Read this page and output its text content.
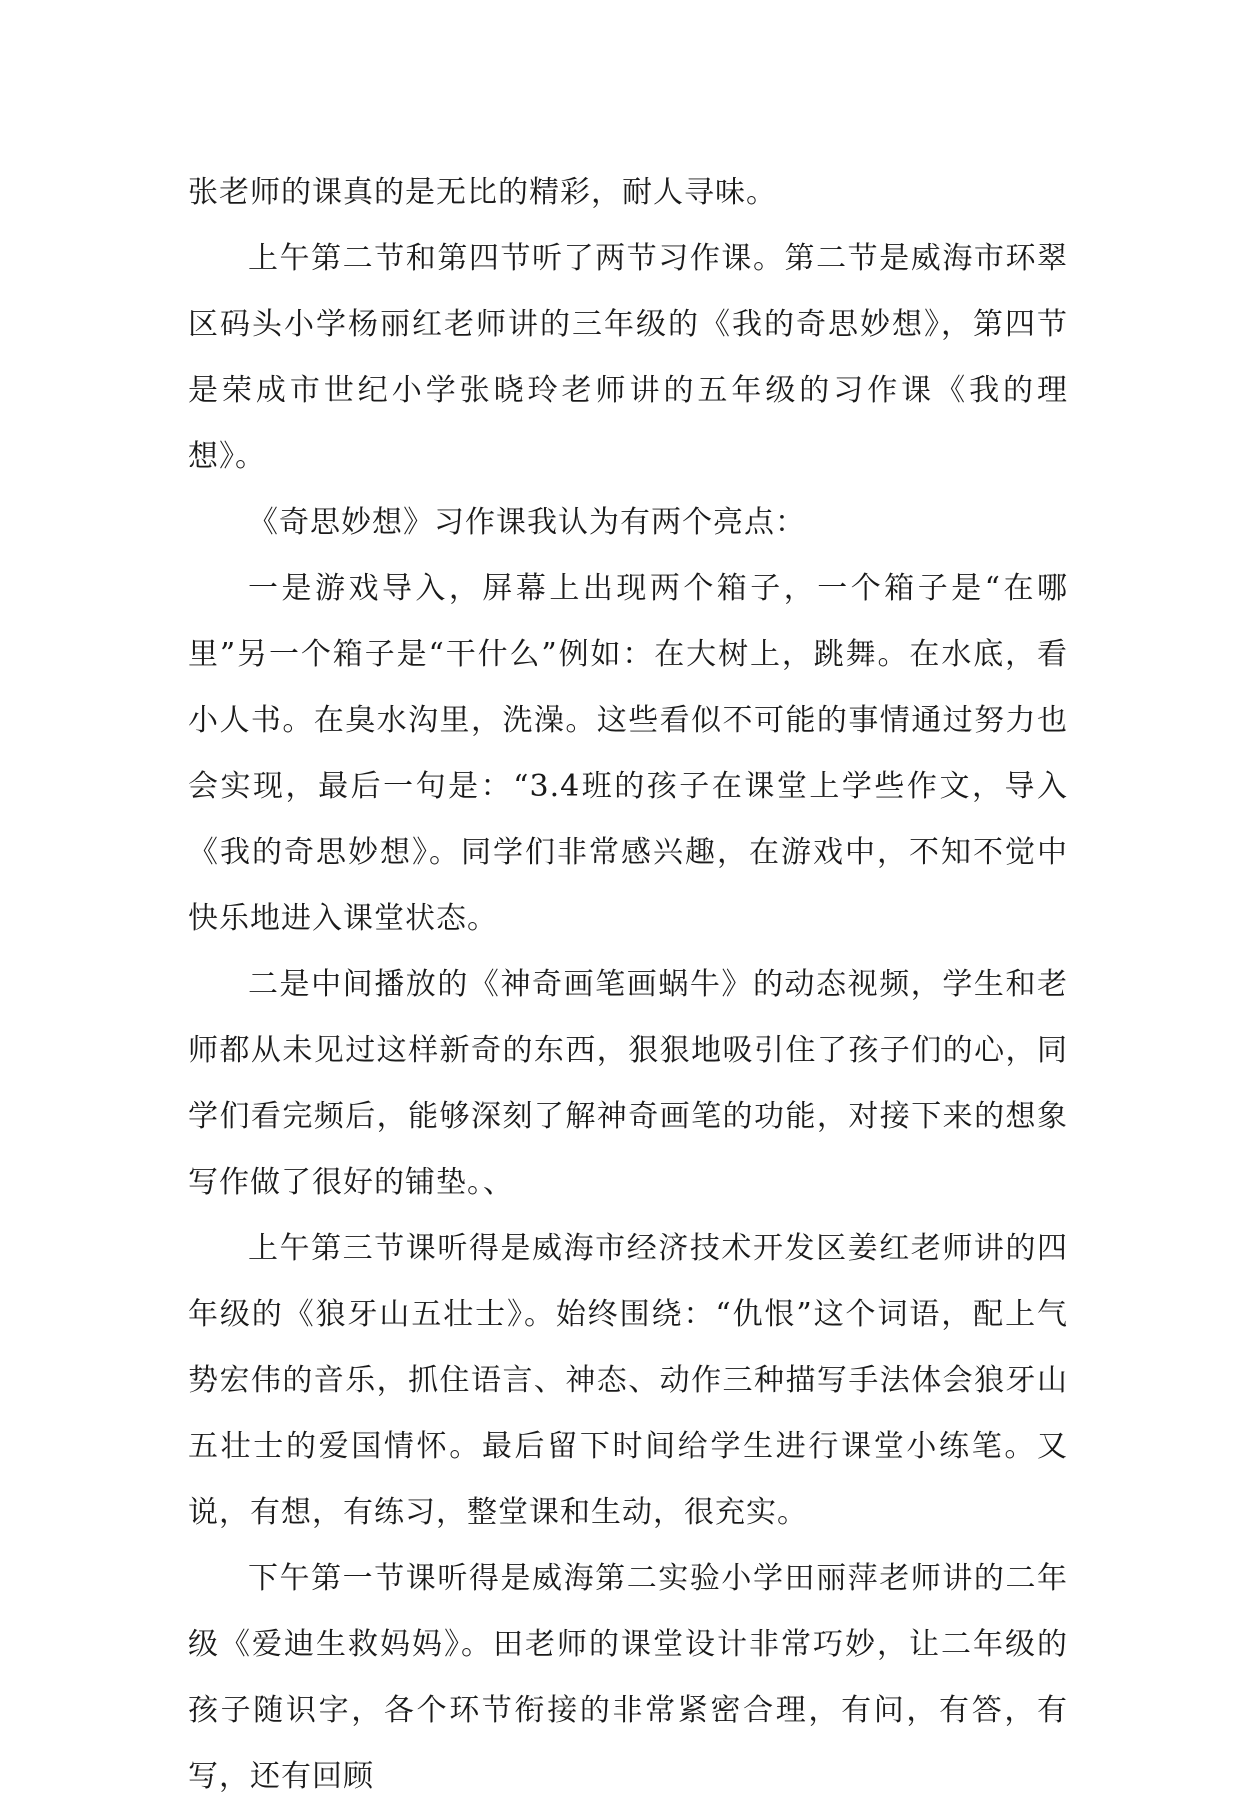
张老师的课真的是无比的精彩，耐人寻味。

上午第二节和第四节听了两节习作课。第二节是威海市环翠区码头小学杨丽红老师讲的三年级的《我的奇思妙想》，第四节是荣成市世纪小学张晓玲老师讲的五年级的习作课《我的理想》。

《奇思妙想》习作课我认为有两个亮点：

一是游戏导入，屏幕上出现两个箱子，一个箱子是“在哪里”另一个箱子是“干什么”例如：在大树上，跳舞。在水底，看小人书。在臭水沟里，洗澡。这些看似不可能的事情通过努力也会实现，最后一句是：“3.4班的孩子在课堂上学些作文，导入《我的奇思妙想》。同学们非常感兴趣，在游戏中，不知不觉中快乐地进入课堂状态。

二是中间播放的《神奇画笔画蜗牛》的动态视频，学生和老师都从未见过这样新奇的东西，狠狠地吸引住了孩子们的心，同学们看完频后，能够深刻了解神奇画笔的功能，对接下来的想象写作做了很好的铺垫。、

上午第三节课听得是威海市经济技术开发区姜红老师讲的四年级的《狼牙山五壮士》。始终围绕：“仇恨”这个词语，配上气势宏伟的音乐，抓住语言、神态、动作三种描写手法体会狼牙山五壮士的爱国情怀。最后留下时间给学生进行课堂小练笔。又说，有想，有练习，整堂课和生动，很充实。

下午第一节课听得是威海第二实验小学田丽萍老师讲的二年级《爱迪生救妈妈》。田老师的课堂设计非常巧妙，让二年级的孩子随识字，各个环节衔接的非常紧密合理，有问，有答，有写，还有回顾
